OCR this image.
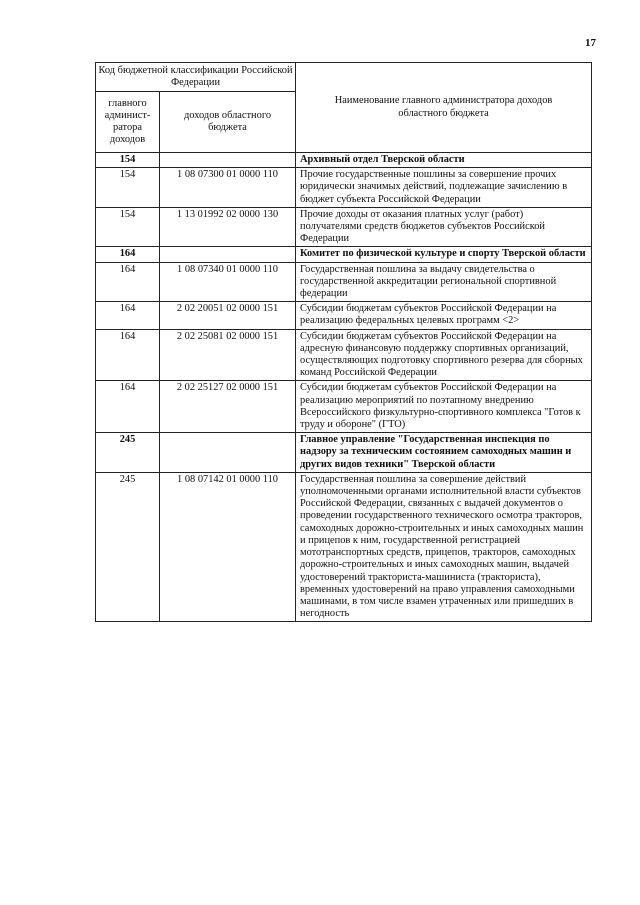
17
Код бюджетной классификации Российской Федерации		Наименование главного администратора доходов областного бюджета
главного админист-ратора доходов	доходов областного бюджета	
154		Архивный отдел Тверской области
154	1 08 07300 01 0000 110	Прочие государственные пошлины за совершение прочих юридически значимых действий, подлежащие зачислению в бюджет субъекта Российской Федерации
154	1 13 01992 02 0000 130	Прочие доходы от оказания платных услуг (работ) получателями средств бюджетов субъектов Российской Федерации
164		Комитет по физической культуре и спорту Тверской области
164	1 08 07340 01 0000 110	Государственная пошлина за выдачу свидетельства о государственной аккредитации региональной спортивной федерации
164	2 02 20051 02 0000 151	Субсидии бюджетам субъектов Российской Федерации на реализацию федеральных целевых программ <2>
164	2 02 25081 02 0000 151	Субсидии бюджетам субъектов Российской Федерации на адресную финансовую поддержку спортивных организаций, осуществляющих подготовку спортивного резерва для сборных команд Российской Федерации
164	2 02 25127 02 0000 151	Субсидии бюджетам субъектов Российской Федерации на реализацию мероприятий по поэтапному внедрению Всероссийского физкультурно-спортивного комплекса "Готов к труду и обороне" (ГТО)
245		Главное управление "Государственная инспекция по надзору за техническим состоянием самоходных машин и других видов техники" Тверской области
245	1 08 07142 01 0000 110	Государственная пошлина за совершение действий уполномоченными органами исполнительной власти субъектов Российской Федерации, связанных с выдачей документов о проведении государственного технического осмотра тракторов, самоходных дорожно-строительных и иных самоходных машин и прицепов к ним, государственной регистрацией мототранспортных средств, прицепов, тракторов, самоходных дорожно-строительных и иных самоходных машин, выдачей удостоверений тракториста-машиниста (тракториста), временных удостоверений на право управления самоходными машинами, в том числе взамен утраченных или пришедших в негодность
